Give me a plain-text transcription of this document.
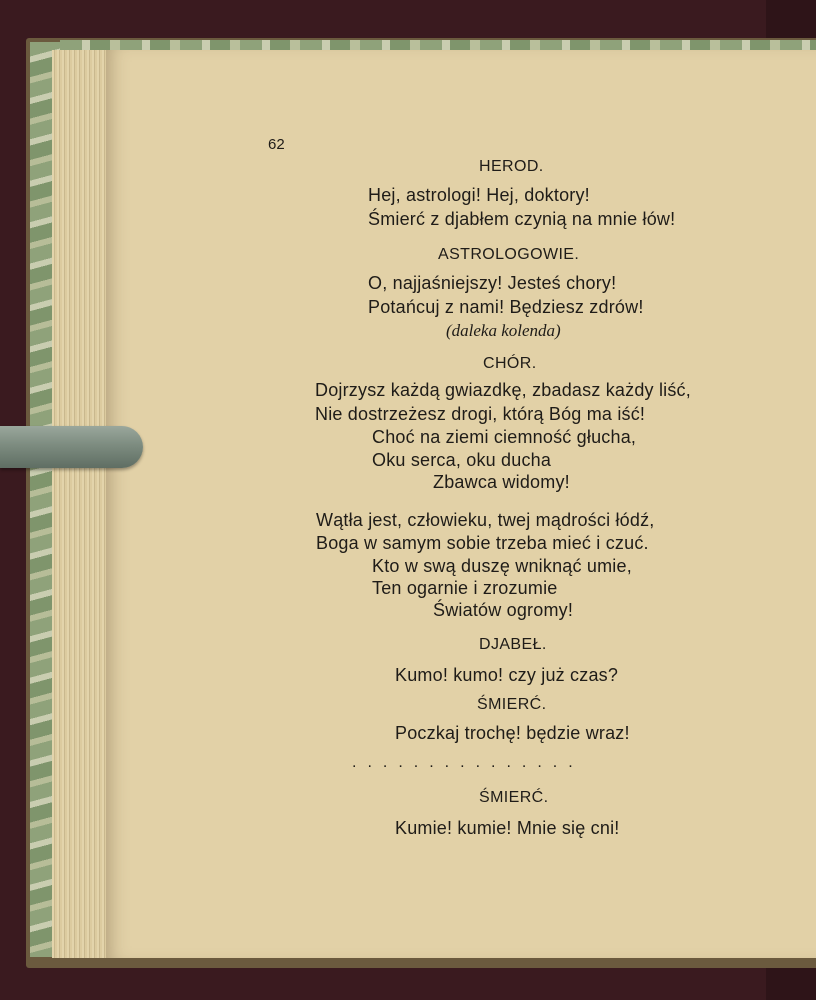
62
HEROD.
Hej, astrologi! Hej, doktory!
Śmierć z djabłem czynią na mnie łów!
ASTROLOGOWIE.
O, najjaśniejszy! Jesteś chory!
Potańcuj z nami! Będziesz zdrów!
(daleka kolenda)
CHÓR.
Dojrzysz każdą gwiazdkę, zbadasz każdy liść,
Nie dostrzeżesz drogi, którą Bóg ma iść!
Choć na ziemi ciemność głucha,
Oku serca, oku ducha
Zbawca widomy!
Wątła jest, człowieku, twej mądrości łódź,
Boga w samym sobie trzeba mieć i czuć.
Kto w swą duszę wniknąć umie,
Ten ogarnie i zrozumie
Światów ogromy!
DJABEŁ.
Kumo! kumo! czy już czas?
ŚMIERĆ.
Poczkaj trochę! będzie wraz!
...............
ŚMIERĆ.
Kumie! kumie! Mnie się cni!
